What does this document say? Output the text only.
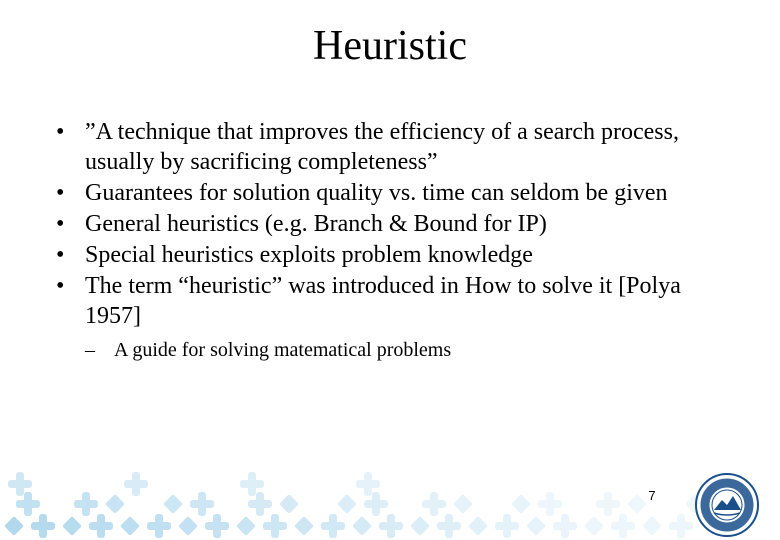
Heuristic
• ”A technique that improves the efficiency of a search process, usually by sacrificing completeness”
• Guarantees for solution quality vs. time can seldom be given
• General heuristics (e.g. Branch & Bound for IP)
• Special heuristics exploits problem knowledge
• The term “heuristic” was introduced in How to solve it [Polya 1957]
– A guide for solving matematical problems
7
